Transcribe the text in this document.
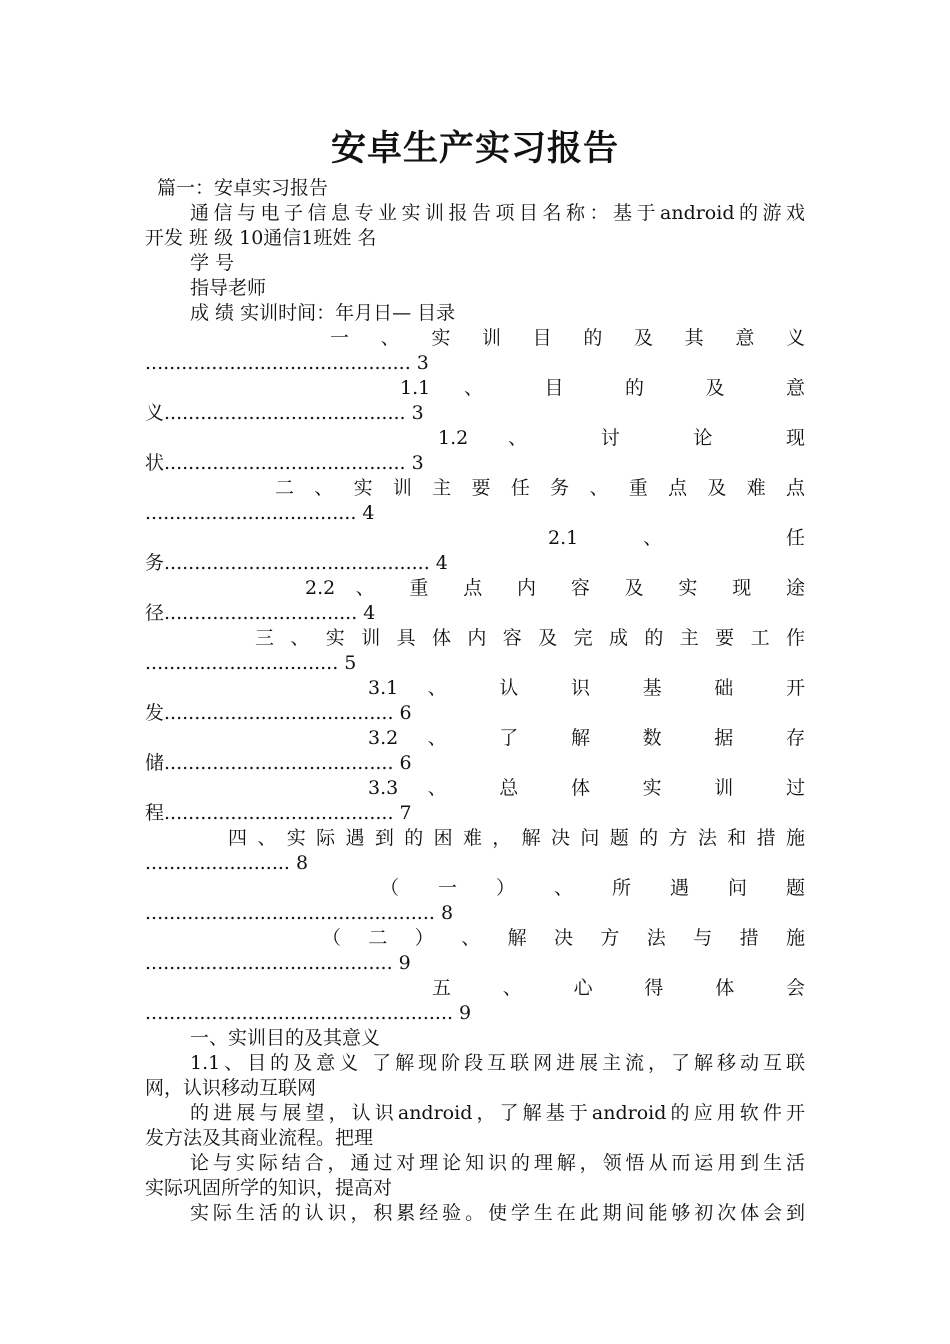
安卓生产实习报告
篇一：安卓实习报告
通信与电子信息专业实训报告项目名称：基于android的游戏
开发 班 级 10通信1班姓 名
学 号
指导老师
成 绩 实训时间：年月日— 目录
一 、 实 训 目 的 及 其 意 义
............................................ 3
1.1 、 目 的 及 意
义........................................ 3
1.2 、 讨 论 现
状........................................ 3
二 、 实 训 主 要 任 务 、 重 点 及 难 点
................................... 4
2.1 、 任
务............................................ 4
2.2 、 重 点 内 容 及 实 现 途
径................................ 4
三 、 实 训 具 体 内 容 及 完 成 的 主 要 工 作
................................ 5
3.1 、 认 识 基 础 开
发...................................... 6
3.2 、 了 解 数 据 存
储...................................... 6
3.3 、 总 体 实 训 过
程...................................... 7
四 、 实 际 遇 到 的 困 难 ， 解 决 问 题 的 方 法 和 措 施
........................ 8
（ 一 ） 、 所 遇 问 题
................................................ 8
（ 二 ） 、 解 决 方 法 与 措 施
......................................... 9
五 、 心 得 体 会
................................................... 9
一、实训目的及其意义
1.1、目的及意义 了解现阶段互联网进展主流，了解移动互联
网，认识移动互联网
的进展与展望，认识android，了解基于android的应用软件开
发方法及其商业流程。把理
论与实际结合，通过对理论知识的理解，领悟从而运用到生活
实际巩固所学的知识，提高对
实际生活的认识，积累经验。使学生在此期间能够初次体会到
